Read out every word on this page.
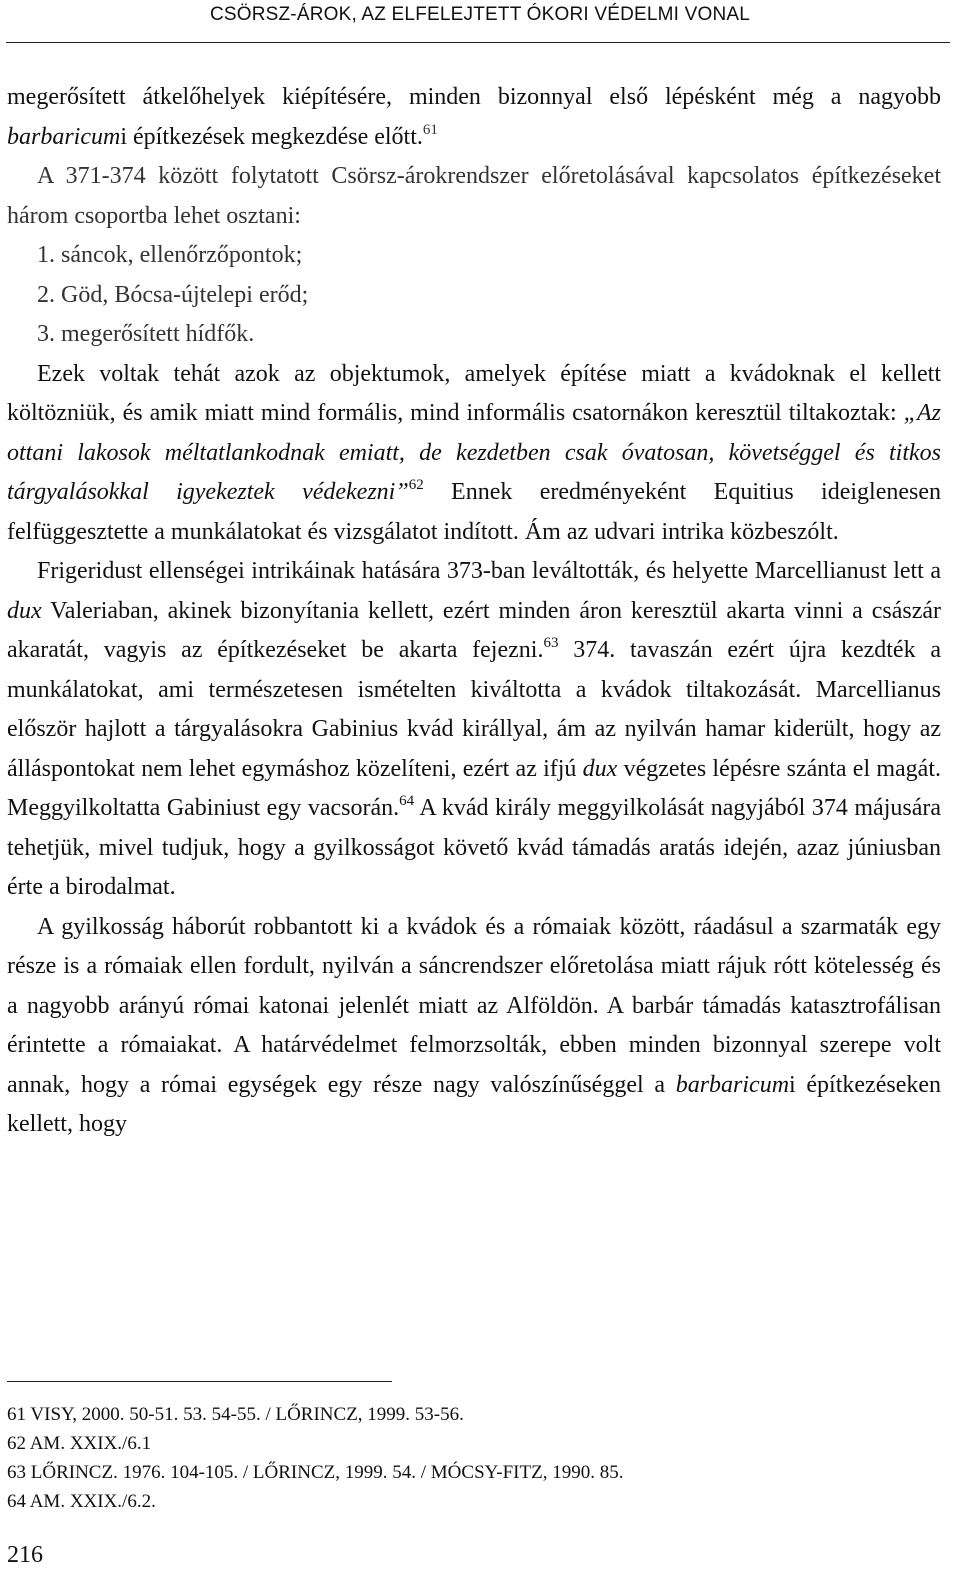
CSÖRSZ-ÁROK, AZ ELFELEJTETT ÓKORI VÉDELMI VONAL

megerősített átkelőhelyek kiépítésére, minden bizonnyal első lépésként még a nagyobb barbaricumi építkezések megkezdése előtt.$^{61}$

A 371-374 között folytatott Csörsz-árokrendszer előretolásával kapcsolatos építkezéseket három csoportba lehet osztani:

1. sáncok, ellenőrzőpontok;
2. Göd, Bócsa-újtelepi erőd;
3. megerősített hídfők.

Ezek voltak tehát azok az objektumok, amelyek építése miatt a kvádoknak el kellett költözniük, és amik miatt mind formális, mind informális csatornákon keresztül tiltakoztak: „Az ottani lakosok méltatlankodnak emiatt, de kezdetben csak óvatosan, követséggel és titkos tárgyalásokkal igyekeztek védekezni”$^{62}$ Ennek eredményeként Equitius ideiglenesen felfüggesztette a munkálatokat és vizsgálatot indított. Ám az udvari intrika közbeszólt.

Frigeridust ellenségei intrikáinak hatására 373-ban leváltották, és helyette Marcellianust lett a dux Valeriaban, akinek bizonyítania kellett, ezért minden áron keresztül akarta vinni a császár akaratát, vagyis az építkezéseket be akarta fejezni.$^{63}$ 374. tavaszán ezért újra kezdték a munkálatokat, ami természetesen ismételten kiváltotta a kvádok tiltakozását. Marcellianus először hajlott a tárgyalásokra Gabinius kvád királlyal, ám az nyilván hamar kiderült, hogy az álláspontokat nem lehet egymáshoz közelíteni, ezért az ifjú dux végzetes lépésre szánta el magát. Meggyilkoltatta Gabiniust egy vacsorán.$^{64}$ A kvád király meggyilkolását nagyjából 374 májusára tehetjük, mivel tudjuk, hogy a gyilkosságot követő kvád támadás aratás idején, azaz júniusban érte a birodalmat.

A gyilkosság háborút robbantott ki a kvádok és a rómaiak között, ráadásul a szarmaták egy része is a rómaiak ellen fordult, nyilván a sáncrendszer előretolása miatt rájuk rótt kötelesség és a nagyobb arányú római katonai jelenlét miatt az Alföldön. A barbár támadás katasztrofálisan érintette a rómaiakat. A határvédelmet felmorzsolták, ebben minden bizonnyal szerepe volt annak, hogy a római egységek egy része nagy valószínűséggel a barbaricumi építkezéseken kellett, hogy

61 VISY, 2000. 50-51. 53. 54-55. / LŐRINCZ, 1999. 53-56.
62 AM. XXIX./6.1
63 LŐRINCZ. 1976. 104-105. / LŐRINCZ, 1999. 54. / MÓCSY-FITZ, 1990. 85.
64 AM. XXIX./6.2.
216
